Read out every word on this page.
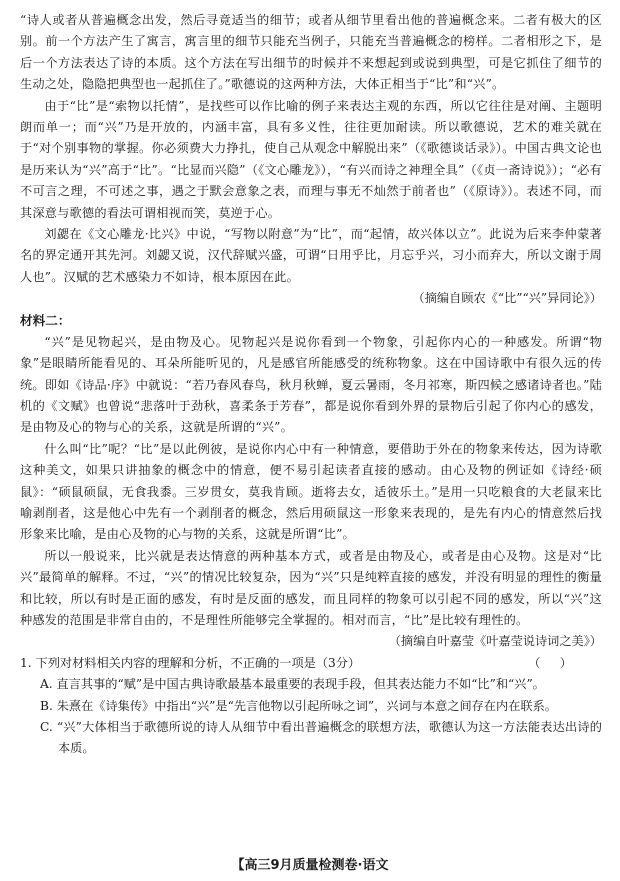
“诗人或者从普遍概念出发，然后寻竟适当的细节；或者从细节里看出他的普遍概念来。二者有极大的区别。前一个方法产生了寓言，寓言里的细节只能充当例子，只能充当普遍概念的榜样。二者相形之下，是后一个方法表达了诗的本质。这个方法在写出细节的时候并不来想起到或说到典型，可是它抓住了细节的生动之处，隐隐把典型也一起抓住了。”歌德说的这两种方法，大体正相当于“比”和“兴”。

由于“比”是“索物以托情”，是找些可以作比喻的例子来表达主观的东西，所以它往往是对阐、主题明朗而单一；而“兴”乃是开放的，内涵丰富，具有多义性，往往更加耐读。所以歌德说，艺术的难关就在于“对个别事物的掌握。你必须费大力挣扎，使自己从观念中解脱出来”（《歌德谈话录》）。中国古典文论也是历来认为“兴”高于“比”。“比显而兴隐”（《文心雕龙》），“有兴而诗之神理全具”（《贞一斋诗说》）；“必有不可言之理，不可述之事，遇之于默会意象之表，而理与事无不灿然于前者也”（《原诗》）。表述不同，而其深意与歌德的看法可谓相视而笑，莫逆于心。

刘勰在《文心雕龙·比兴》中说，“写物以附意”为“比”，而“起情，故兴体以立”。此说为后来李仲蒙著名的界定通开其先河。刘勰又说，汉代辞赋兴盛，可谓“日用乎比，月忘乎兴，习小而弃大，所以文谢于周人也”。汉赋的艺术感染力不如诗，根本原因在此。

（摘编自顾农《“比”“兴”异同论》）

材料二：

“兴”是见物起兴，是由物及心。见物起兴是说你看到一个物象，引起你内心的一种感发。所谓“物象”是眼睛所能看见的、耳朵所能听见的，凡是感官所能感受的统称物象。这在中国诗歌中有很久远的传统。即如《诗品·序》中就说：“若乃春风春鸟，秋月秋蝉，夏云暑雨，冬月祁寒，斯四候之感诸诗者也。”陆机的《文赋》也曾说“悲落叶于劲秋，喜柔条于芳春”，都是说你看到外界的景物后引起了你内心的感发，是由物及心的物与心的关系，这就是所谓的“兴”。

什么叫“比”呢？“比”是以此例彼，是说你内心中有一种情意，要借助于外在的物象来传达，因为诗歌这种美文，如果只讲抽象的概念中的情意，便不易引起读者直接的感动。由心及物的例证如《诗经·硕鼠》：“硕鼠硕鼠，无食我黍。三岁贯女，莫我肯顾。逝将去女，适彼乐土。”是用一只吃粮食的大老鼠来比喻剥削者，这是他心中先有一个剥削者的概念，然后用硕鼠这一形象来表现的，是先有内心的情意然后找形象来比喻，是由心及物的心与物的关系，这就是所谓“比”。

所以一般说来，比兴就是表达情意的两种基本方式，或者是由物及心，或者是由心及物。这是对“比兴”最简单的解释。不过，“兴”的情况比较复杂，因为“兴”只是纯粹直接的感发，并没有明显的理性的衡量和比较，所以有时是正面的感发，有时是反面的感发，而且同样的物象可以引起不同的感发，所以“兴”这种感发的范围是非常自由的，不是理性所能够完全掌握的。相对而言，“比”是比较有理性的。

（摘编自叶嘉莹《叶嘉莹说诗词之美》）

1. 下列对材料相关内容的理解和分析，不正确的一项是（3分）	（     ）

A. 直言其事的“赋”是中国古典诗歌最基本最重要的表现手段，但其表达能力不如“比”和“兴”。

B. 朱熹在《诗集传》中指出“兴”是“先言他物以引起所咏之词”，兴词与本意之间存在内在联系。

C. “兴”大体相当于歌德所说的诗人从细节中看出普遍概念的联想方法，歌德认为这一方法能表达出诗的本质。

【高三9月质量检测卷·语文
